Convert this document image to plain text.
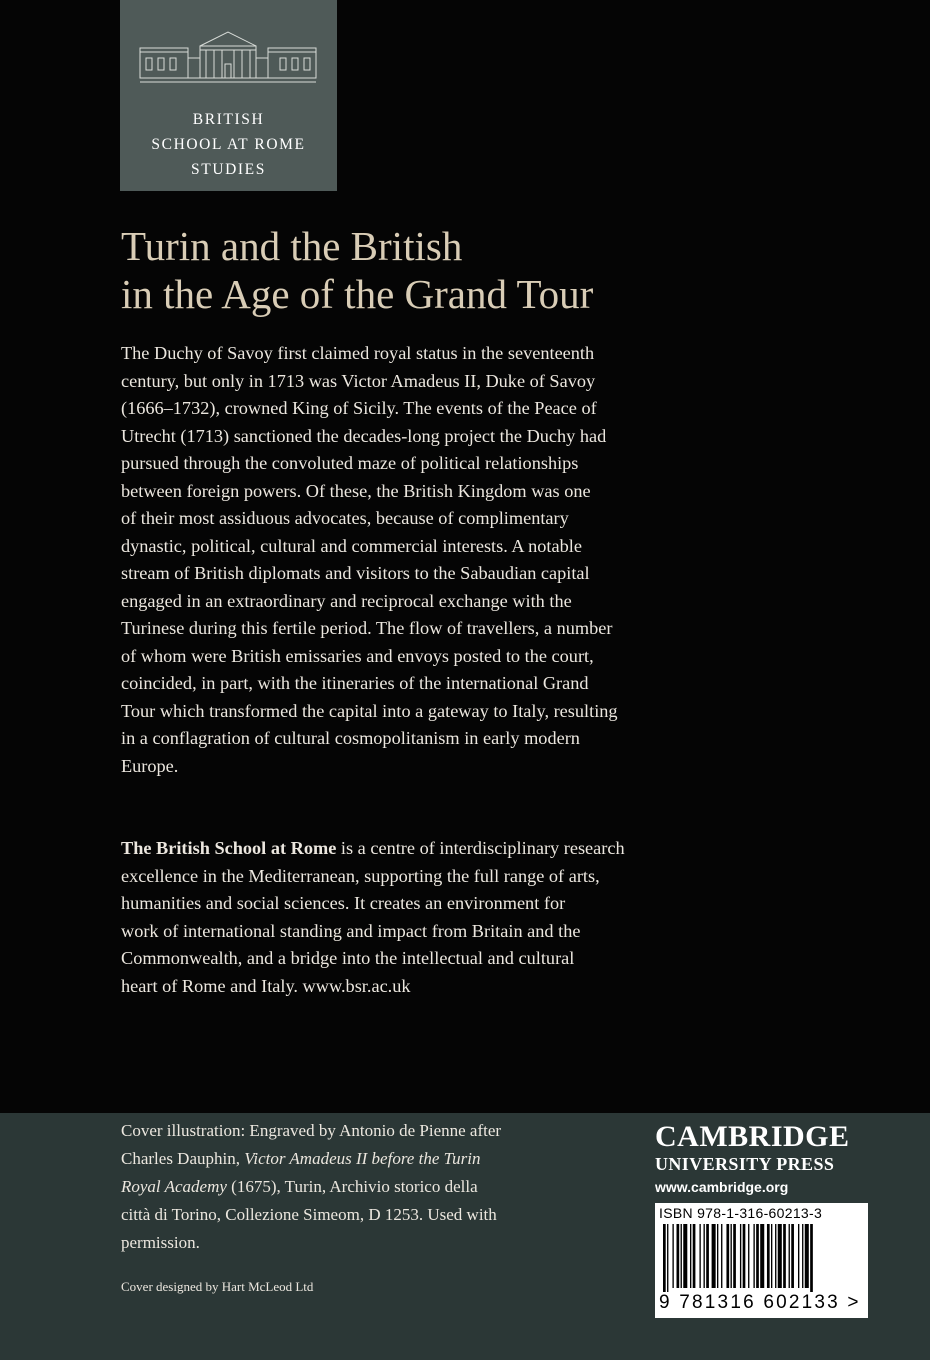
BRITISH
SCHOOL AT ROME
STUDIES
Turin and the British
in the Age of the Grand Tour
The Duchy of Savoy first claimed royal status in the seventeenth
century, but only in 1713 was Victor Amadeus II, Duke of Savoy
(1666–1732), crowned King of Sicily. The events of the Peace of
Utrecht (1713) sanctioned the decades-long project the Duchy had
pursued through the convoluted maze of political relationships
between foreign powers. Of these, the British Kingdom was one
of their most assiduous advocates, because of complimentary
dynastic, political, cultural and commercial interests. A notable
stream of British diplomats and visitors to the Sabaudian capital
engaged in an extraordinary and reciprocal exchange with the
Turinese during this fertile period. The flow of travellers, a number
of whom were British emissaries and envoys posted to the court,
coincided, in part, with the itineraries of the international Grand
Tour which transformed the capital into a gateway to Italy, resulting
in a conflagration of cultural cosmopolitanism in early modern
Europe.
The British School at Rome is a centre of interdisciplinary research
excellence in the Mediterranean, supporting the full range of arts,
humanities and social sciences. It creates an environment for
work of international standing and impact from Britain and the
Commonwealth, and a bridge into the intellectual and cultural
heart of Rome and Italy. www.bsr.ac.uk
Cover illustration: Engraved by Antonio de Pienne after
Charles Dauphin, Victor Amadeus II before the Turin
Royal Academy (1675), Turin, Archivio storico della
città di Torino, Collezione Simeom, D 1253. Used with
permission.
Cover designed by Hart McLeod Ltd
CAMBRIDGE
UNIVERSITY PRESS
www.cambridge.org
ISBN 978-1-316-60213-3
9 781316 602133 >
